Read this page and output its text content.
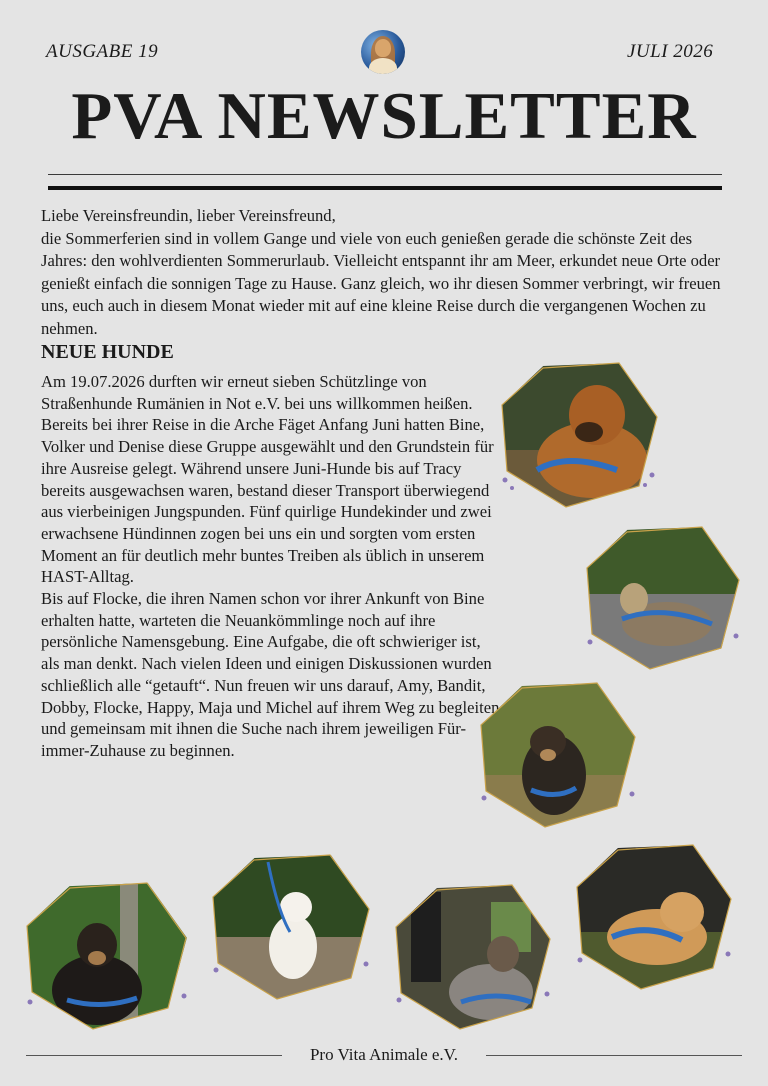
AUSGABE 19	JULI 2026
PVA NEWSLETTER

Liebe Vereinsfreundin, lieber Vereinsfreund,

die Sommerferien sind in vollem Gange und viele von euch genießen gerade die schönste Zeit des Jahres: den wohlverdienten Sommerurlaub. Vielleicht entspannt ihr am Meer, erkundet neue Orte oder genießt einfach die sonnigen Tage zu Hause. Ganz gleich, wo ihr diesen Sommer verbringt, wir freuen uns, euch auch in diesem Monat wieder mit auf eine kleine Reise durch die vergangenen Wochen zu nehmen.

NEUE HUNDE

Am 19.07.2026 durften wir erneut sieben Schützlinge von Straßenhunde Rumänien in Not e.V. bei uns willkommen heißen. Bereits bei ihrer Reise in die Arche Fäget Anfang Juni hatten Bine, Volker und Denise diese Gruppe ausgewählt und den Grundstein für ihre Ausreise gelegt. Während unsere Juni-Hunde bis auf Tracy bereits ausgewachsen waren, bestand dieser Transport überwiegend aus vierbeinigen Jungspunden. Fünf quirlige Hundekinder und zwei erwachsene Hündinnen zogen bei uns ein und sorgten vom ersten Moment an für deutlich mehr buntes Treiben als üblich in unserem HAST-Alltag.

Bis auf Flocke, die ihren Namen schon vor ihrer Ankunft von Bine erhalten hatte, warteten die Neuankömmlinge noch auf ihre persönliche Namensgebung. Eine Aufgabe, die oft schwieriger ist, als man denkt. Nach vielen Ideen und einigen Diskussionen wurden schließlich alle “getauft“. Nun freuen wir uns darauf, Amy, Bandit, Dobby, Flocke, Happy, Maja und Michel auf ihrem Weg zu begleiten und gemeinsam mit ihnen die Suche nach ihrem jeweiligen Für-immer-Zuhause zu beginnen.

Pro Vita Animale e.V.
